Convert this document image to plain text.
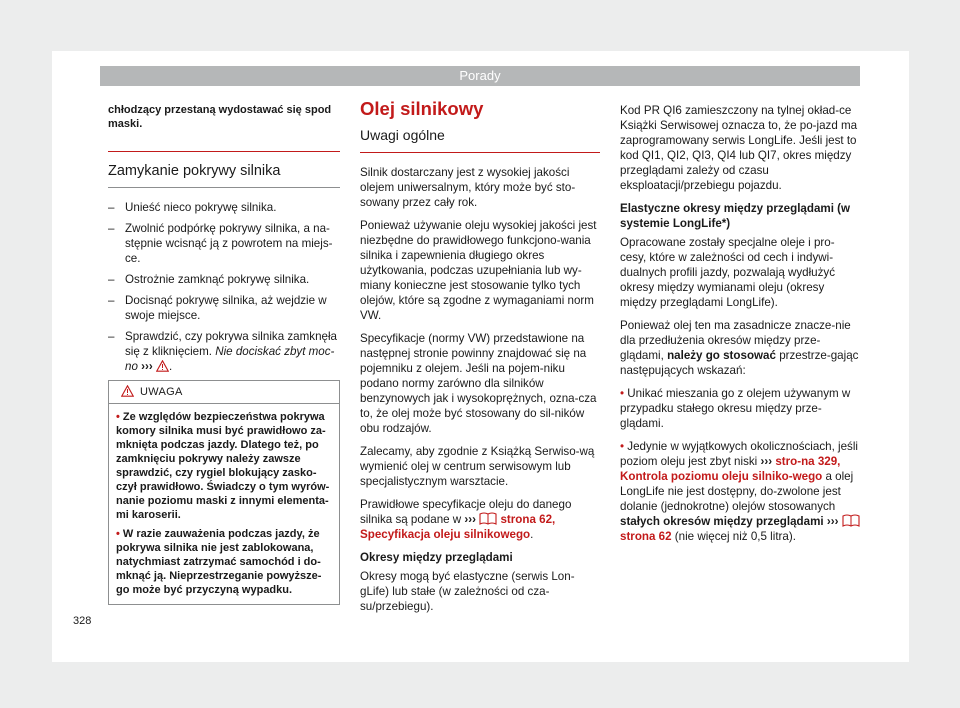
Porady

chłodzący przestaną wydostawać się spod maski.

Zamykanie pokrywy silnika
– Unieść nieco pokrywę silnika.
– Zwolnić podpórkę pokrywy silnika, a na-stępnie wcisnąć ją z powrotem na miejs-ce.
– Ostrożnie zamknąć pokrywę silnika.
– Docisnąć pokrywę silnika, aż wejdzie w swoje miejsce.
– Sprawdzić, czy pokrywa silnika zamknęła się z kliknięciem. Nie dociskać zbyt moc-no ››› .
UWAGA

• Ze względów bezpieczeństwa pokrywa komory silnika musi być prawidłowo za-mknięta podczas jazdy. Dlatego też, po zamknięciu pokrywy należy zawsze sprawdzić, czy rygiel blokujący zasko-czył prawidłowo. Świadczy o tym wyrów-nanie poziomu maski z innymi elementa-mi karoserii.

• W razie zauważenia podczas jazdy, że pokrywa silnika nie jest zablokowana, natychmiast zatrzymać samochód i do-mknąć ją. Nieprzestrzeganie powyższe-go może być przyczyną wypadku.

Olej silnikowy
Uwagi ogólne

Silnik dostarczany jest z wysokiej jakości olejem uniwersalnym, który może być sto-sowany przez cały rok.

Ponieważ używanie oleju wysokiej jakości jest niezbędne do prawidłowego funkcjono-wania silnika i zapewnienia długiego okres użytkowania, podczas uzupełniania lub wy-miany konieczne jest stosowanie tylko tych olejów, które są zgodne z wymaganiami norm VW.

Specyfikacje (normy VW) przedstawione na następnej stronie powinny znajdować się na pojemniku z olejem. Jeśli na pojem-niku podano normy zarówno dla silników benzynowych jak i wysokoprężnych, ozna-cza to, że olej może być stosowany do sil-ników obu rodzajów.

Zalecamy, aby zgodnie z Książką Serwiso-wą wymienić olej w centrum serwisowym lub specjalistycznym warsztacie.

Prawidłowe specyfikacje oleju do danego silnika są podane w ››› strona 62, Specyfikacja oleju silnikowego.

Okresy między przeglądami

Okresy mogą być elastyczne (serwis Lon-gLife) lub stałe (w zależności od cza-su/przebiegu).

Kod PR QI6 zamieszczony na tylnej okład-ce Książki Serwisowej oznacza to, że po-jazd ma zaprogramowany serwis LongLife. Jeśli jest to kod QI1, QI2, QI3, QI4 lub QI7, okres między przeglądami zależy od czasu eksploatacji/przebiegu pojazdu.

Elastyczne okresy między przeglądami (w systemie LongLife*)

Opracowane zostały specjalne oleje i pro-cesy, które w zależności od cech i indywi-dualnych profili jazdy, pozwalają wydłużyć okresy między wymianami oleju (okresy między przeglądami LongLife).

Ponieważ olej ten ma zasadnicze znacze-nie dla przedłużenia okresów między prze-glądami, należy go stosować przestrze-gając następujących wskazań:

• Unikać mieszania go z olejem używanym w przypadku stałego okresu między prze-glądami.

• Jedynie w wyjątkowych okolicznościach, jeśli poziom oleju jest zbyt niski ››› stro-na 329, Kontrola poziomu oleju silniko-wego a olej LongLife nie jest dostępny, do-zwolone jest dolanie (jednokrotne) olejów stosowanych stałych okresów między przeglądami ›››  strona 62 (nie więcej niż 0,5 litra).

328
